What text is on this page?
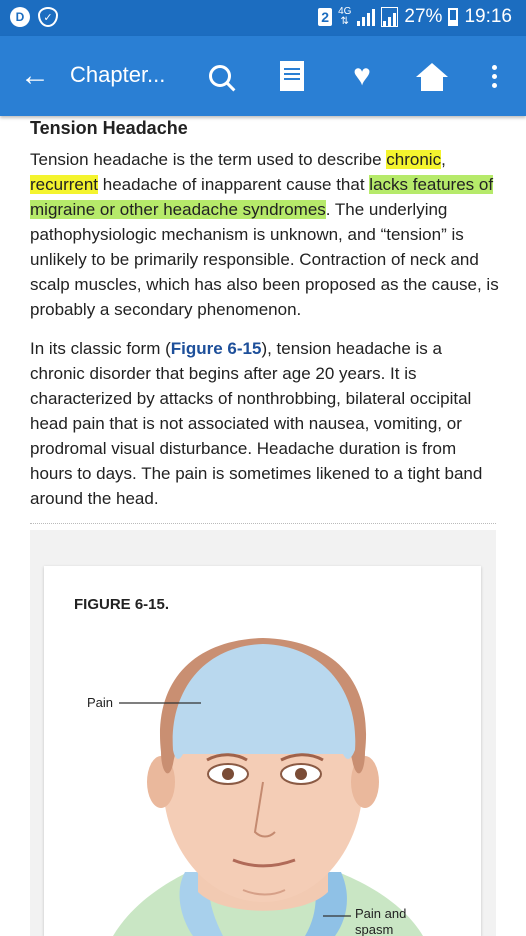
D	✓	2 4G
⇅	27% 19:16
← Chapter...	♥
Tension Headache

Tension headache is the term used to describe chronic, recurrent headache of inapparent cause that lacks features of migraine or other headache syndromes. The underlying pathophysiologic mechanism is unknown, and “tension” is unlikely to be primarily responsible. Contraction of neck and scalp muscles, which has also been proposed as the cause, is probably a secondary phenomenon.

In its classic form (Figure 6-15), tension headache is a chronic disorder that begins after age 20 years. It is characterized by attacks of nonthrobbing, bilateral occipital head pain that is not associated with nausea, vomiting, or prodromal visual disturbance. Headache duration is from hours to days. The pain is sometimes likened to a tight band around the head.

FIGURE 6-15.
Pain
Pain and
spasm
